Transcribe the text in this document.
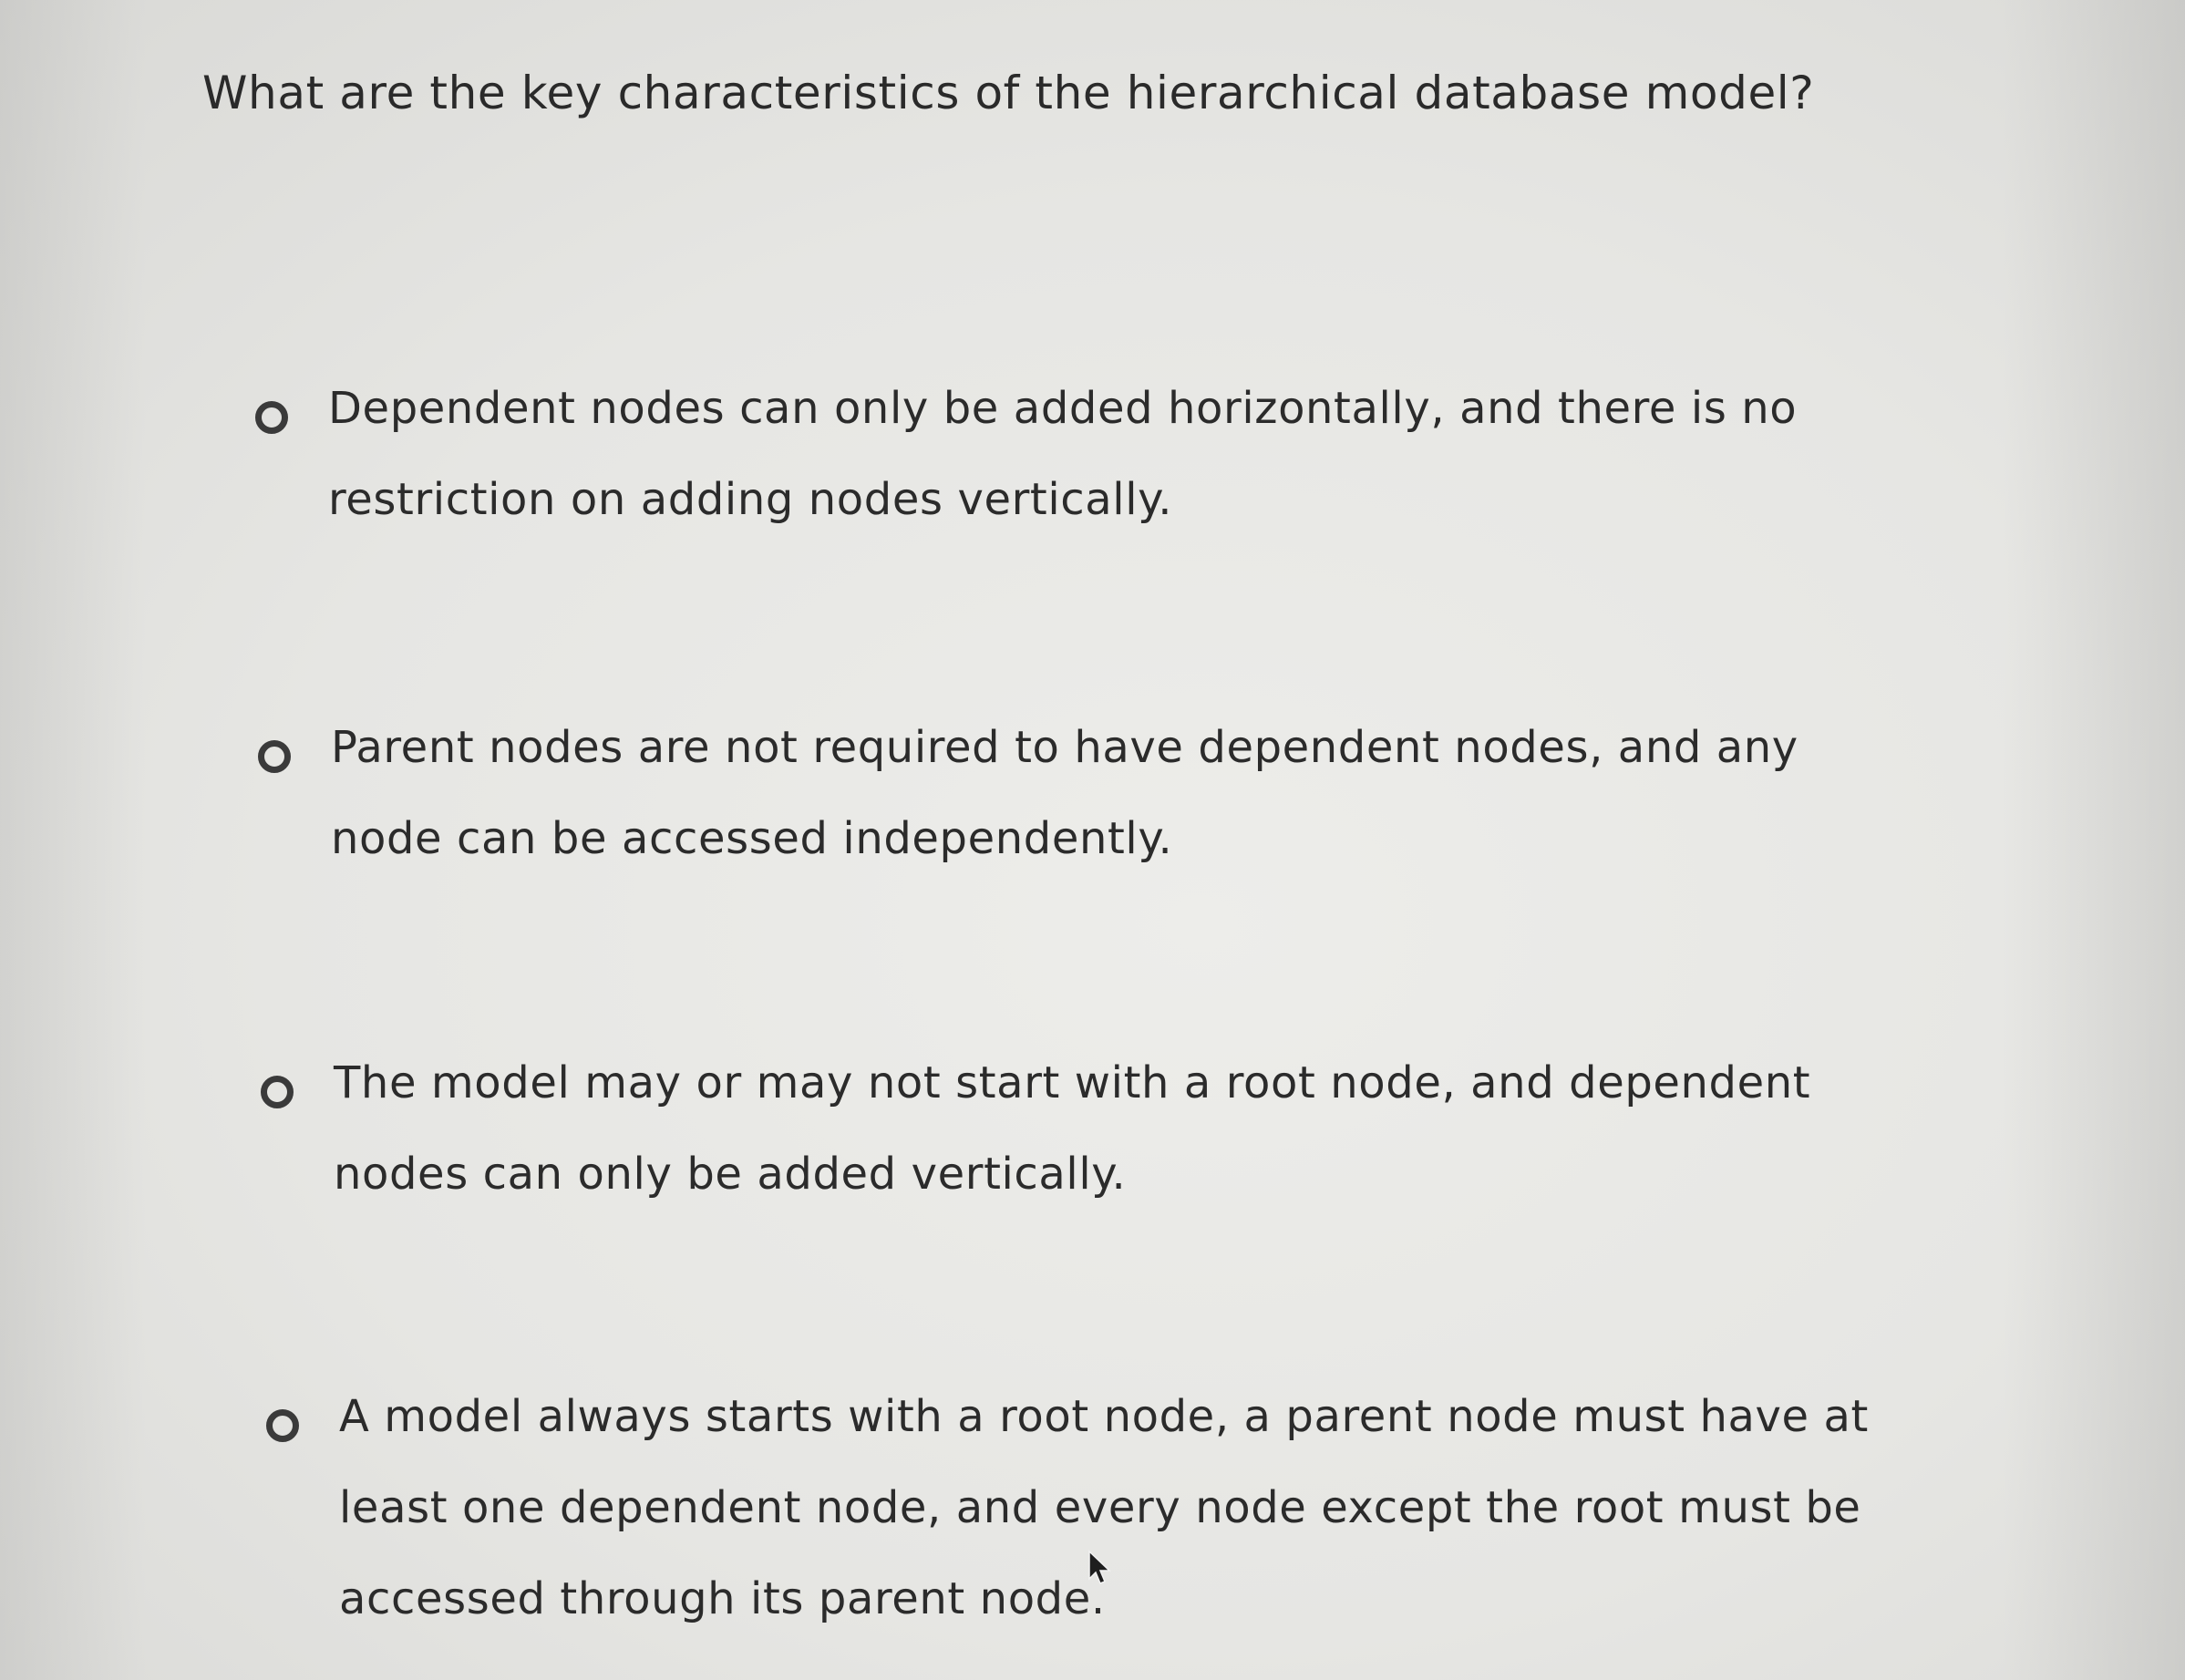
What are the key characteristics of the hierarchical database model?
Dependent nodes can only be added horizontally, and there is no restriction on adding nodes vertically.
Parent nodes are not required to have dependent nodes, and any node can be accessed independently.
The model may or may not start with a root node, and dependent nodes can only be added vertically.
A model always starts with a root node, a parent node must have at least one dependent node, and every node except the root must be accessed through its parent node.
